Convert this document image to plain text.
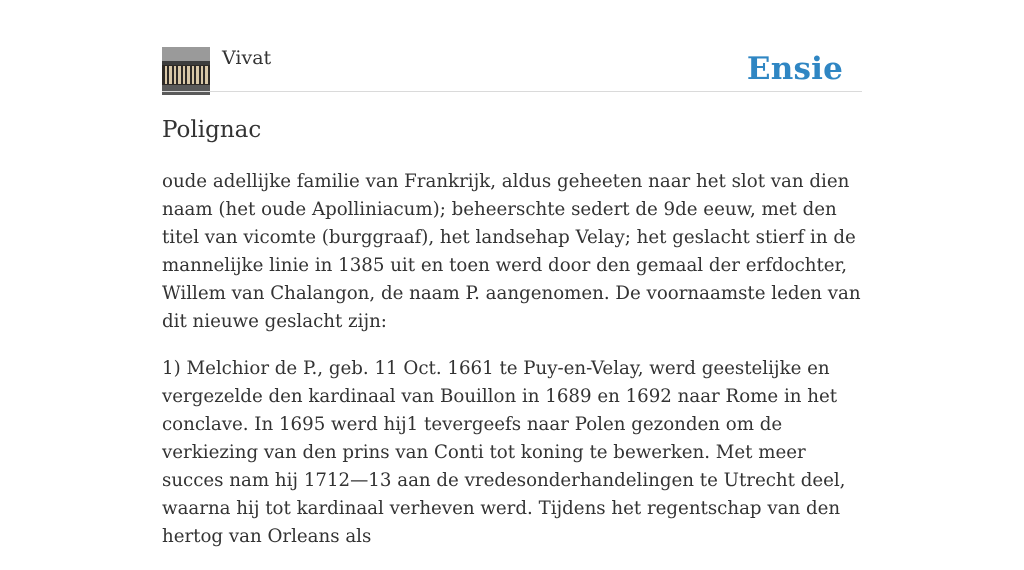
Vivat	Ensie
Polignac

oude adellijke familie van Frankrijk, aldus geheeten naar het slot van dien naam (het oude Apolliniacum); beheerschte sedert de 9de eeuw, met den titel van vicomte (burggraaf), het landsehap Velay; het geslacht stierf in de mannelijke linie in 1385 uit en toen werd door den gemaal der erfdochter, Willem van Chalangon, de naam P. aangenomen. De voornaamste leden van dit nieuwe geslacht zijn:

1) Melchior de P., geb. 11 Oct. 1661 te Puy-en-Velay, werd geestelijke en vergezelde den kardinaal van Bouillon in 1689 en 1692 naar Rome in het conclave. In 1695 werd hij1 tevergeefs naar Polen gezonden om de verkiezing van den prins van Conti tot koning te bewerken. Met meer succes nam hij 1712—13 aan de vredesonderhandelingen te Utrecht deel, waarna hij tot kardinaal verheven werd. Tijdens het regentschap van den hertog van Orleans als
